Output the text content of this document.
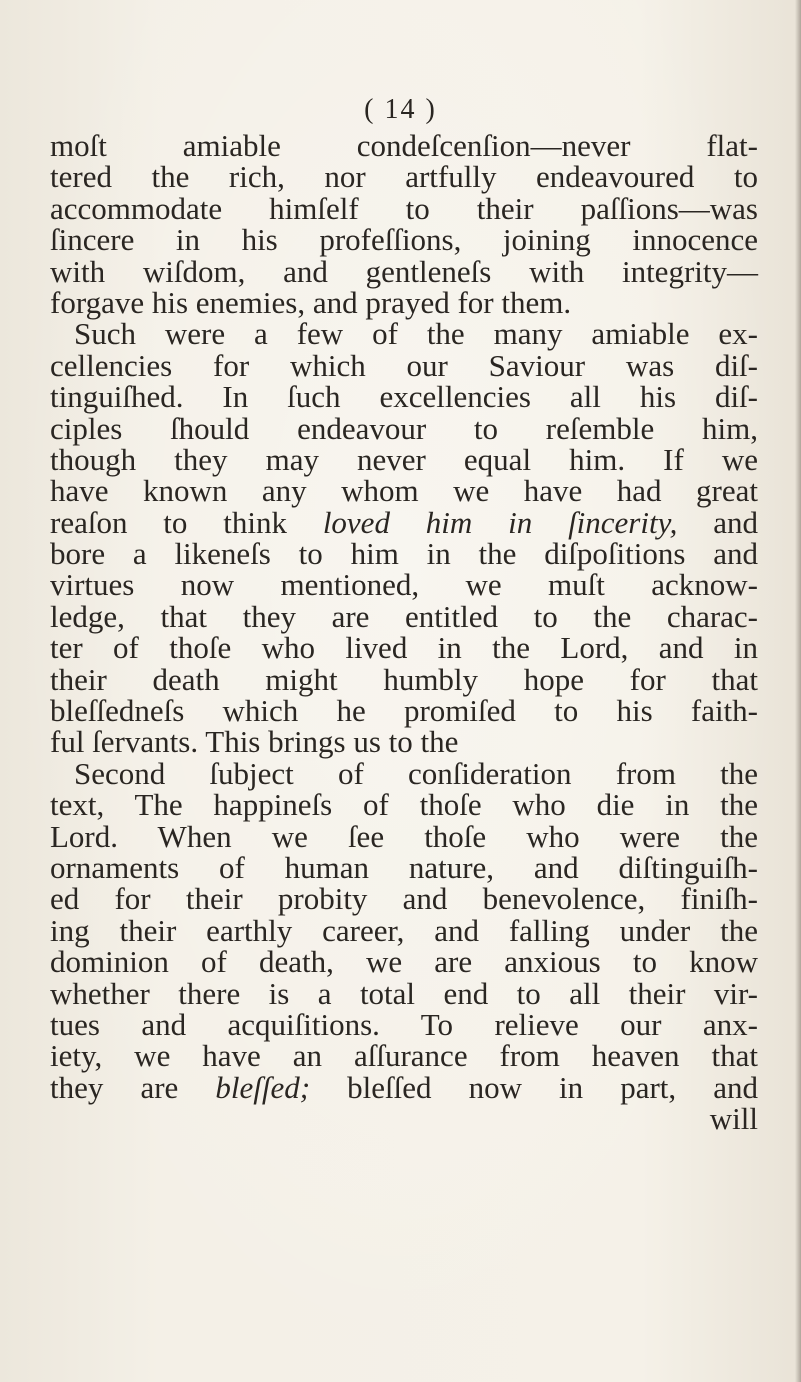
( 14 )
moſt amiable condeſcenſion—never flat-
tered the rich, nor artfully endeavoured to
accommodate himſelf to their paſſions—was
ſincere in his profeſſions, joining innocence
with wiſdom, and gentleneſs with integrity—
forgave his enemies, and prayed for them.
Such were a few of the many amiable ex-
cellencies for which our Saviour was diſ-
tinguiſhed. In ſuch excellencies all his diſ-
ciples ſhould endeavour to reſemble him,
though they may never equal him. If we
have known any whom we have had great
reaſon to think loved him in ſincerity, and
bore a likeneſs to him in the diſpoſitions and
virtues now mentioned, we muſt acknow-
ledge, that they are entitled to the charac-
ter of thoſe who lived in the Lord, and in
their death might humbly hope for that
bleſſedneſs which he promiſed to his faith-
ful ſervants. This brings us to the
Second ſubject of conſideration from the
text, The happineſs of thoſe who die in the
Lord. When we ſee thoſe who were the
ornaments of human nature, and diſtinguiſh-
ed for their probity and benevolence, finiſh-
ing their earthly career, and falling under the
dominion of death, we are anxious to know
whether there is a total end to all their vir-
tues and acquiſitions. To relieve our anx-
iety, we have an aſſurance from heaven that
they are bleſſed; bleſſed now in part, and
will
